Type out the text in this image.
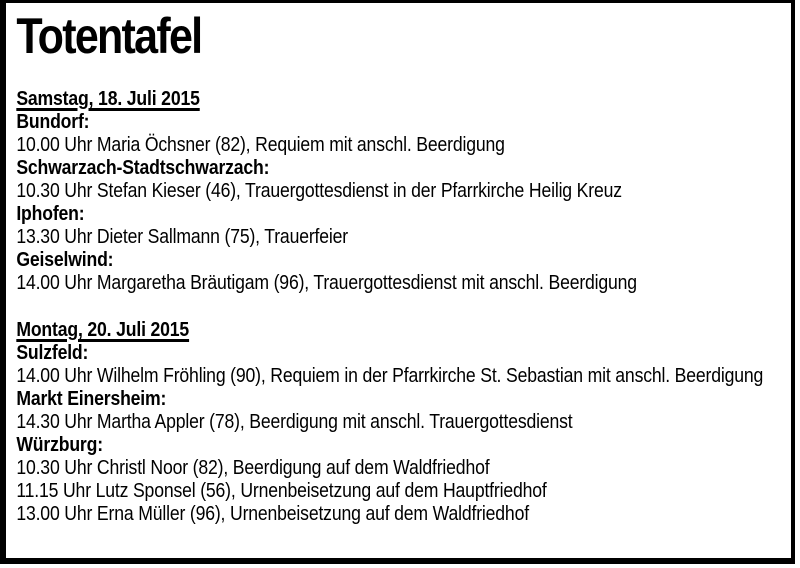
Totentafel
Samstag, 18. Juli 2015
Bundorf:
10.00 Uhr Maria Öchsner (82), Requiem mit anschl. Beerdigung
Schwarzach-Stadtschwarzach:
10.30 Uhr Stefan Kieser (46), Trauergottesdienst in der Pfarrkirche Heilig Kreuz
Iphofen:
13.30 Uhr Dieter Sallmann (75), Trauerfeier
Geiselwind:
14.00 Uhr Margaretha Bräutigam (96), Trauergottesdienst mit anschl. Beerdigung
Montag, 20. Juli 2015
Sulzfeld:
14.00 Uhr Wilhelm Fröhling (90), Requiem in der Pfarrkirche St. Sebastian mit anschl. Beerdigung
Markt Einersheim:
14.30 Uhr Martha Appler (78), Beerdigung mit anschl. Trauergottesdienst
Würzburg:
10.30 Uhr Christl Noor (82), Beerdigung auf dem Waldfriedhof
11.15 Uhr Lutz Sponsel (56), Urnenbeisetzung auf dem Hauptfriedhof
13.00 Uhr Erna Müller (96), Urnenbeisetzung auf dem Waldfriedhof
